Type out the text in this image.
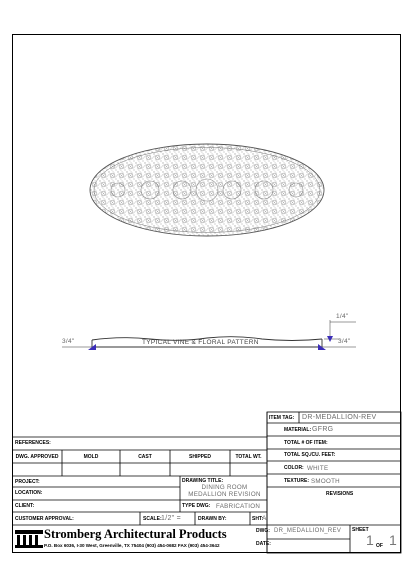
3/4"	3/4"
1/4"
TYPICAL VINE & FLORAL PATTERN
ITEM TAG: DR-MEDALLION-REV
MATERIAL: GFRG
TOTAL # OF ITEM:
TOTAL SQ./CU. FEET:
COLOR: WHITE
TEXTURE: SMOOTH
REVISIONS
DWG: DR_MEDALLION_REV SHEET
1 OF 1
DATE:
REFERENCES:
DWG. APPROVED	MOLD	CAST	SHIPPED	TOTAL WT.
PROJECT:
LOCATION:
CLIENT:
DRAWING TITLE:
DINING ROOM
MEDALLION REVISION
TYPE DWG: FABRICATION
CUSTOMER APPROVAL:	SCALE: 1/2" =	DRAWN BY:	SHT:
A
Stromberg Architectural Products
P.O. Box 6036, I-30 West, Greenville, TX 75404 (903) 454-0682 FAX (903) 454-3642
